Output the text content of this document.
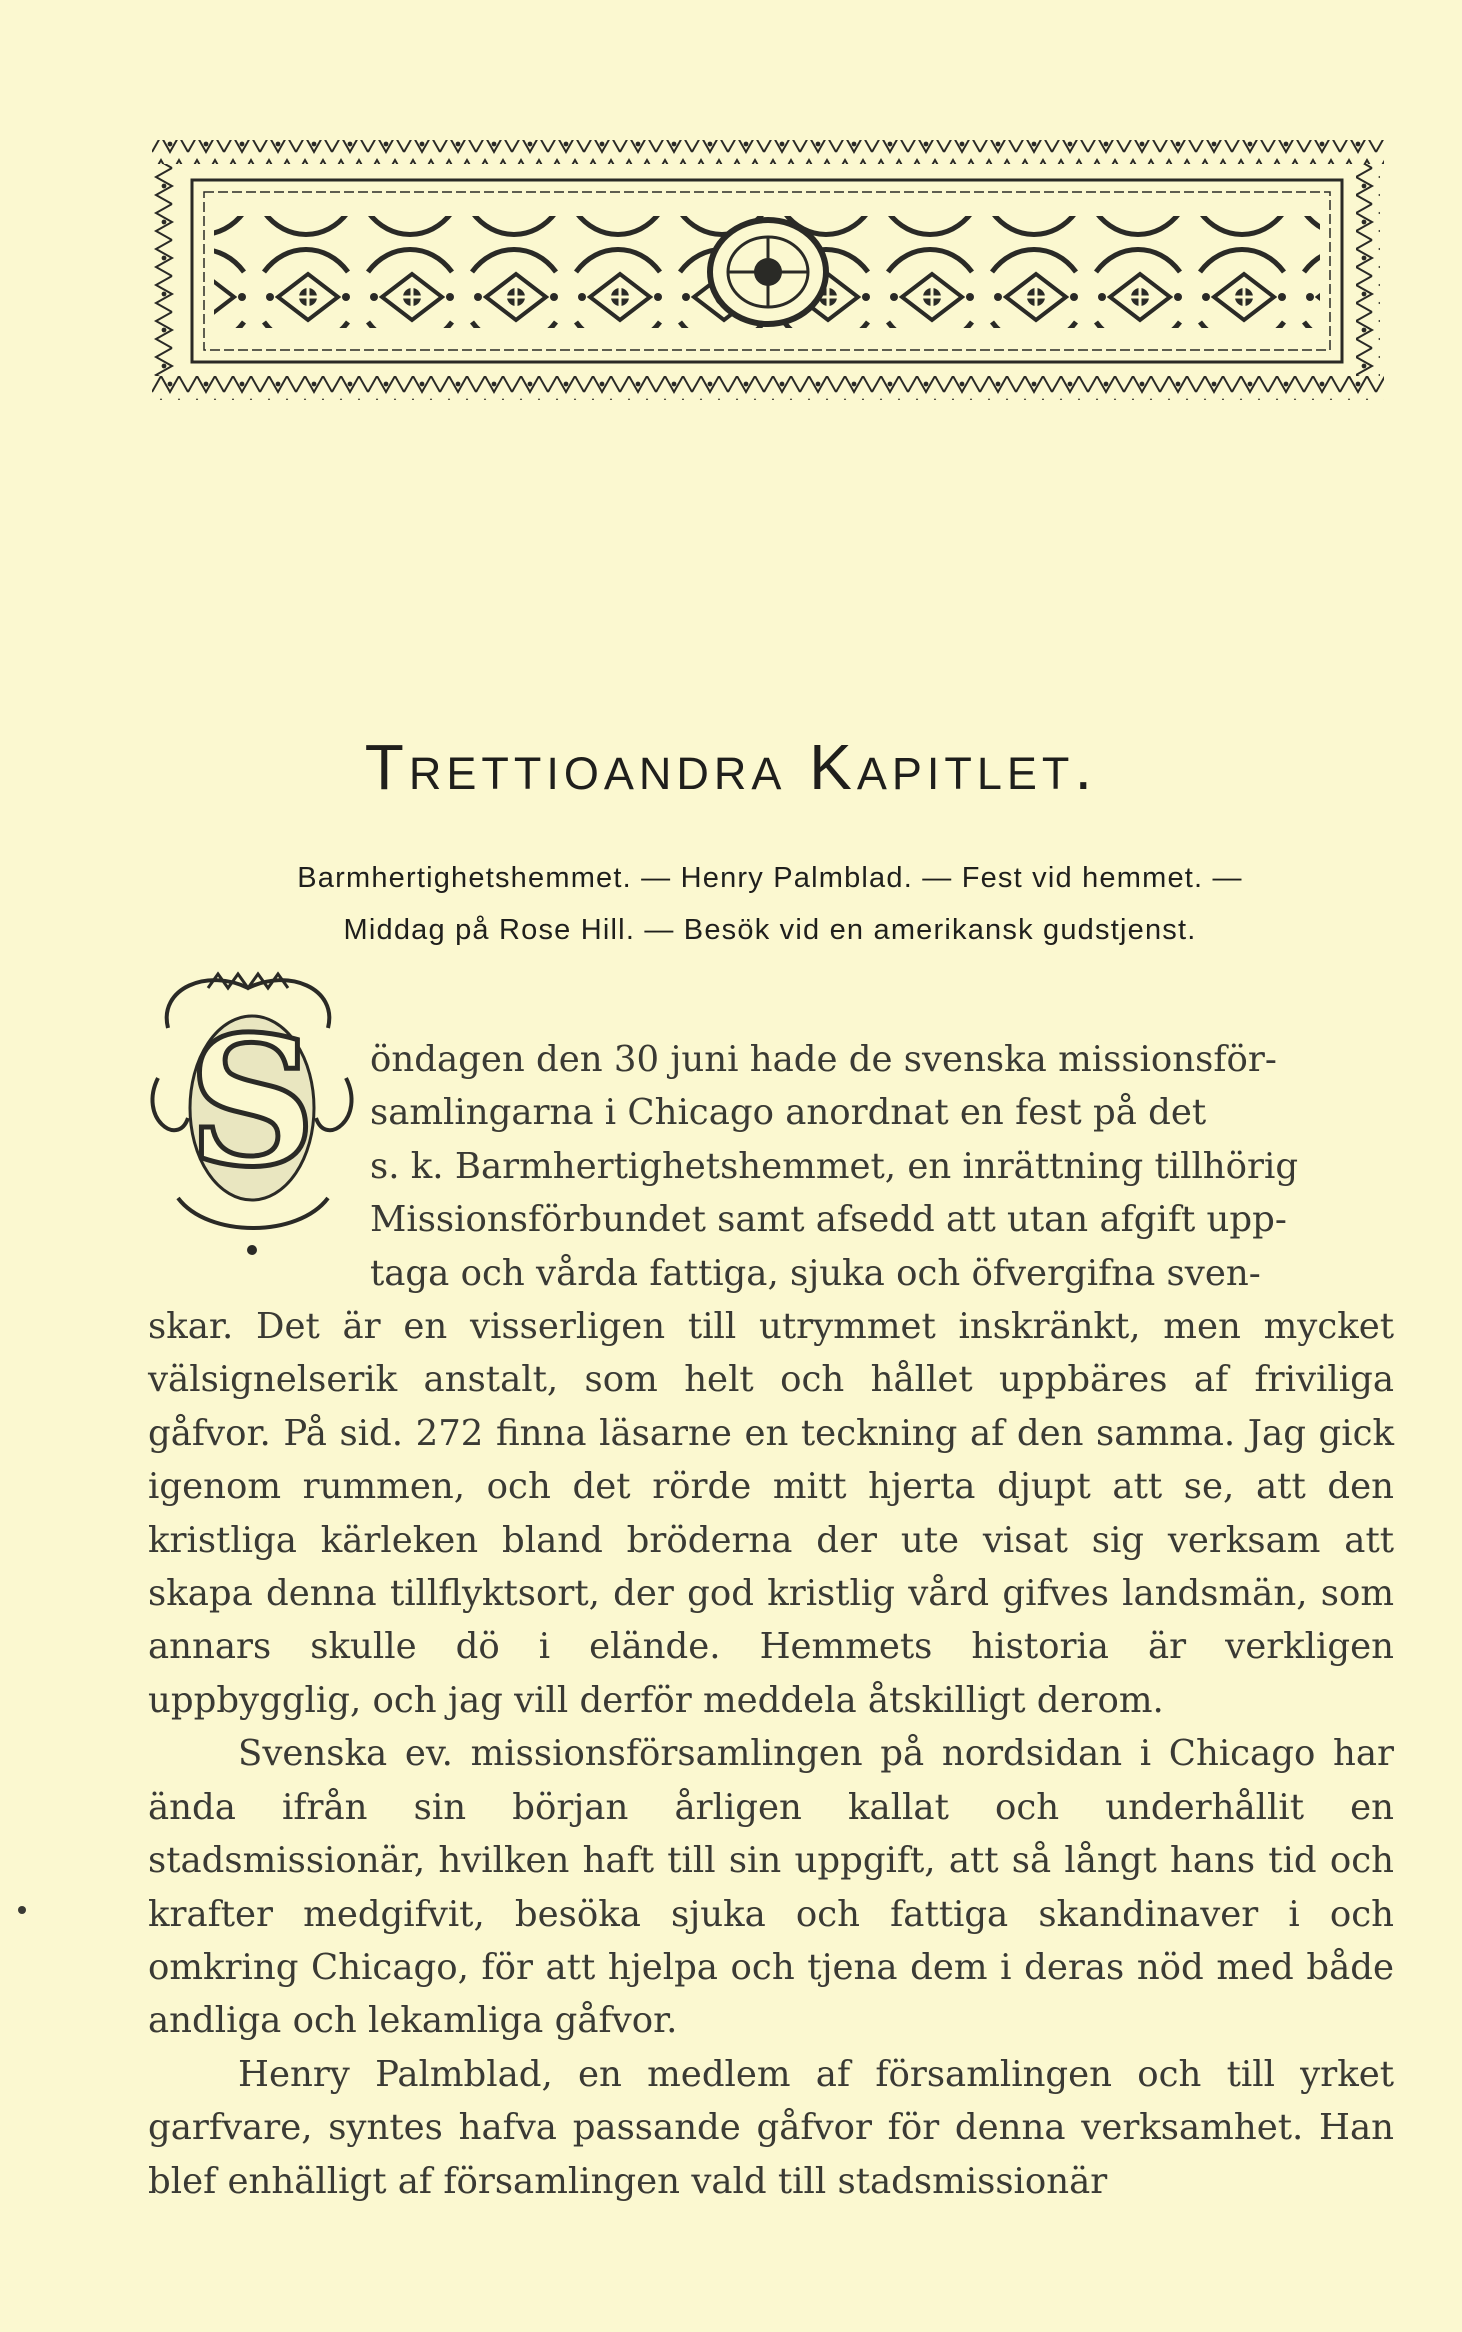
Trettioandra Kapitlet.
Barmhertighetshemmet. — Henry Palmblad. — Fest vid hemmet. —
Middag på Rose Hill. — Besök vid en amerikansk gudstjenst.
S öndagen den 30 juni hade de svenska missionsför-
samlingarna i Chicago anordnat en fest på det
s. k. Barmhertighetshemmet, en inrättning tillhörig
Missionsförbundet samt afsedd att utan afgift upp-
taga och vårda fattiga, sjuka och öfvergifna sven-
skar. Det är en visserligen till utrymmet inskränkt, men mycket välsignelserik anstalt, som helt och hållet uppbäres af friviliga gåfvor. På sid. 272 finna läsarne en teckning af den samma. Jag gick igenom rummen, och det rörde mitt hjerta djupt att se, att den kristliga kärleken bland bröderna der ute visat sig verksam att skapa denna tillflyktsort, der god kristlig vård gifves landsmän, som annars skulle dö i elände. Hemmets historia är verkligen uppbygglig, och jag vill derför meddela åtskilligt derom.

Svenska ev. missionsförsamlingen på nordsidan i Chicago har ända ifrån sin början årligen kallat och underhållit en stadsmissionär, hvilken haft till sin uppgift, att så långt hans tid och krafter medgifvit, besöka sjuka och fattiga skandinaver i och omkring Chicago, för att hjelpa och tjena dem i deras nöd med både andliga och lekamliga gåfvor.

Henry Palmblad, en medlem af församlingen och till yrket garfvare, syntes hafva passande gåfvor för denna verksamhet. Han blef enhälligt af församlingen vald till stadsmissionär
